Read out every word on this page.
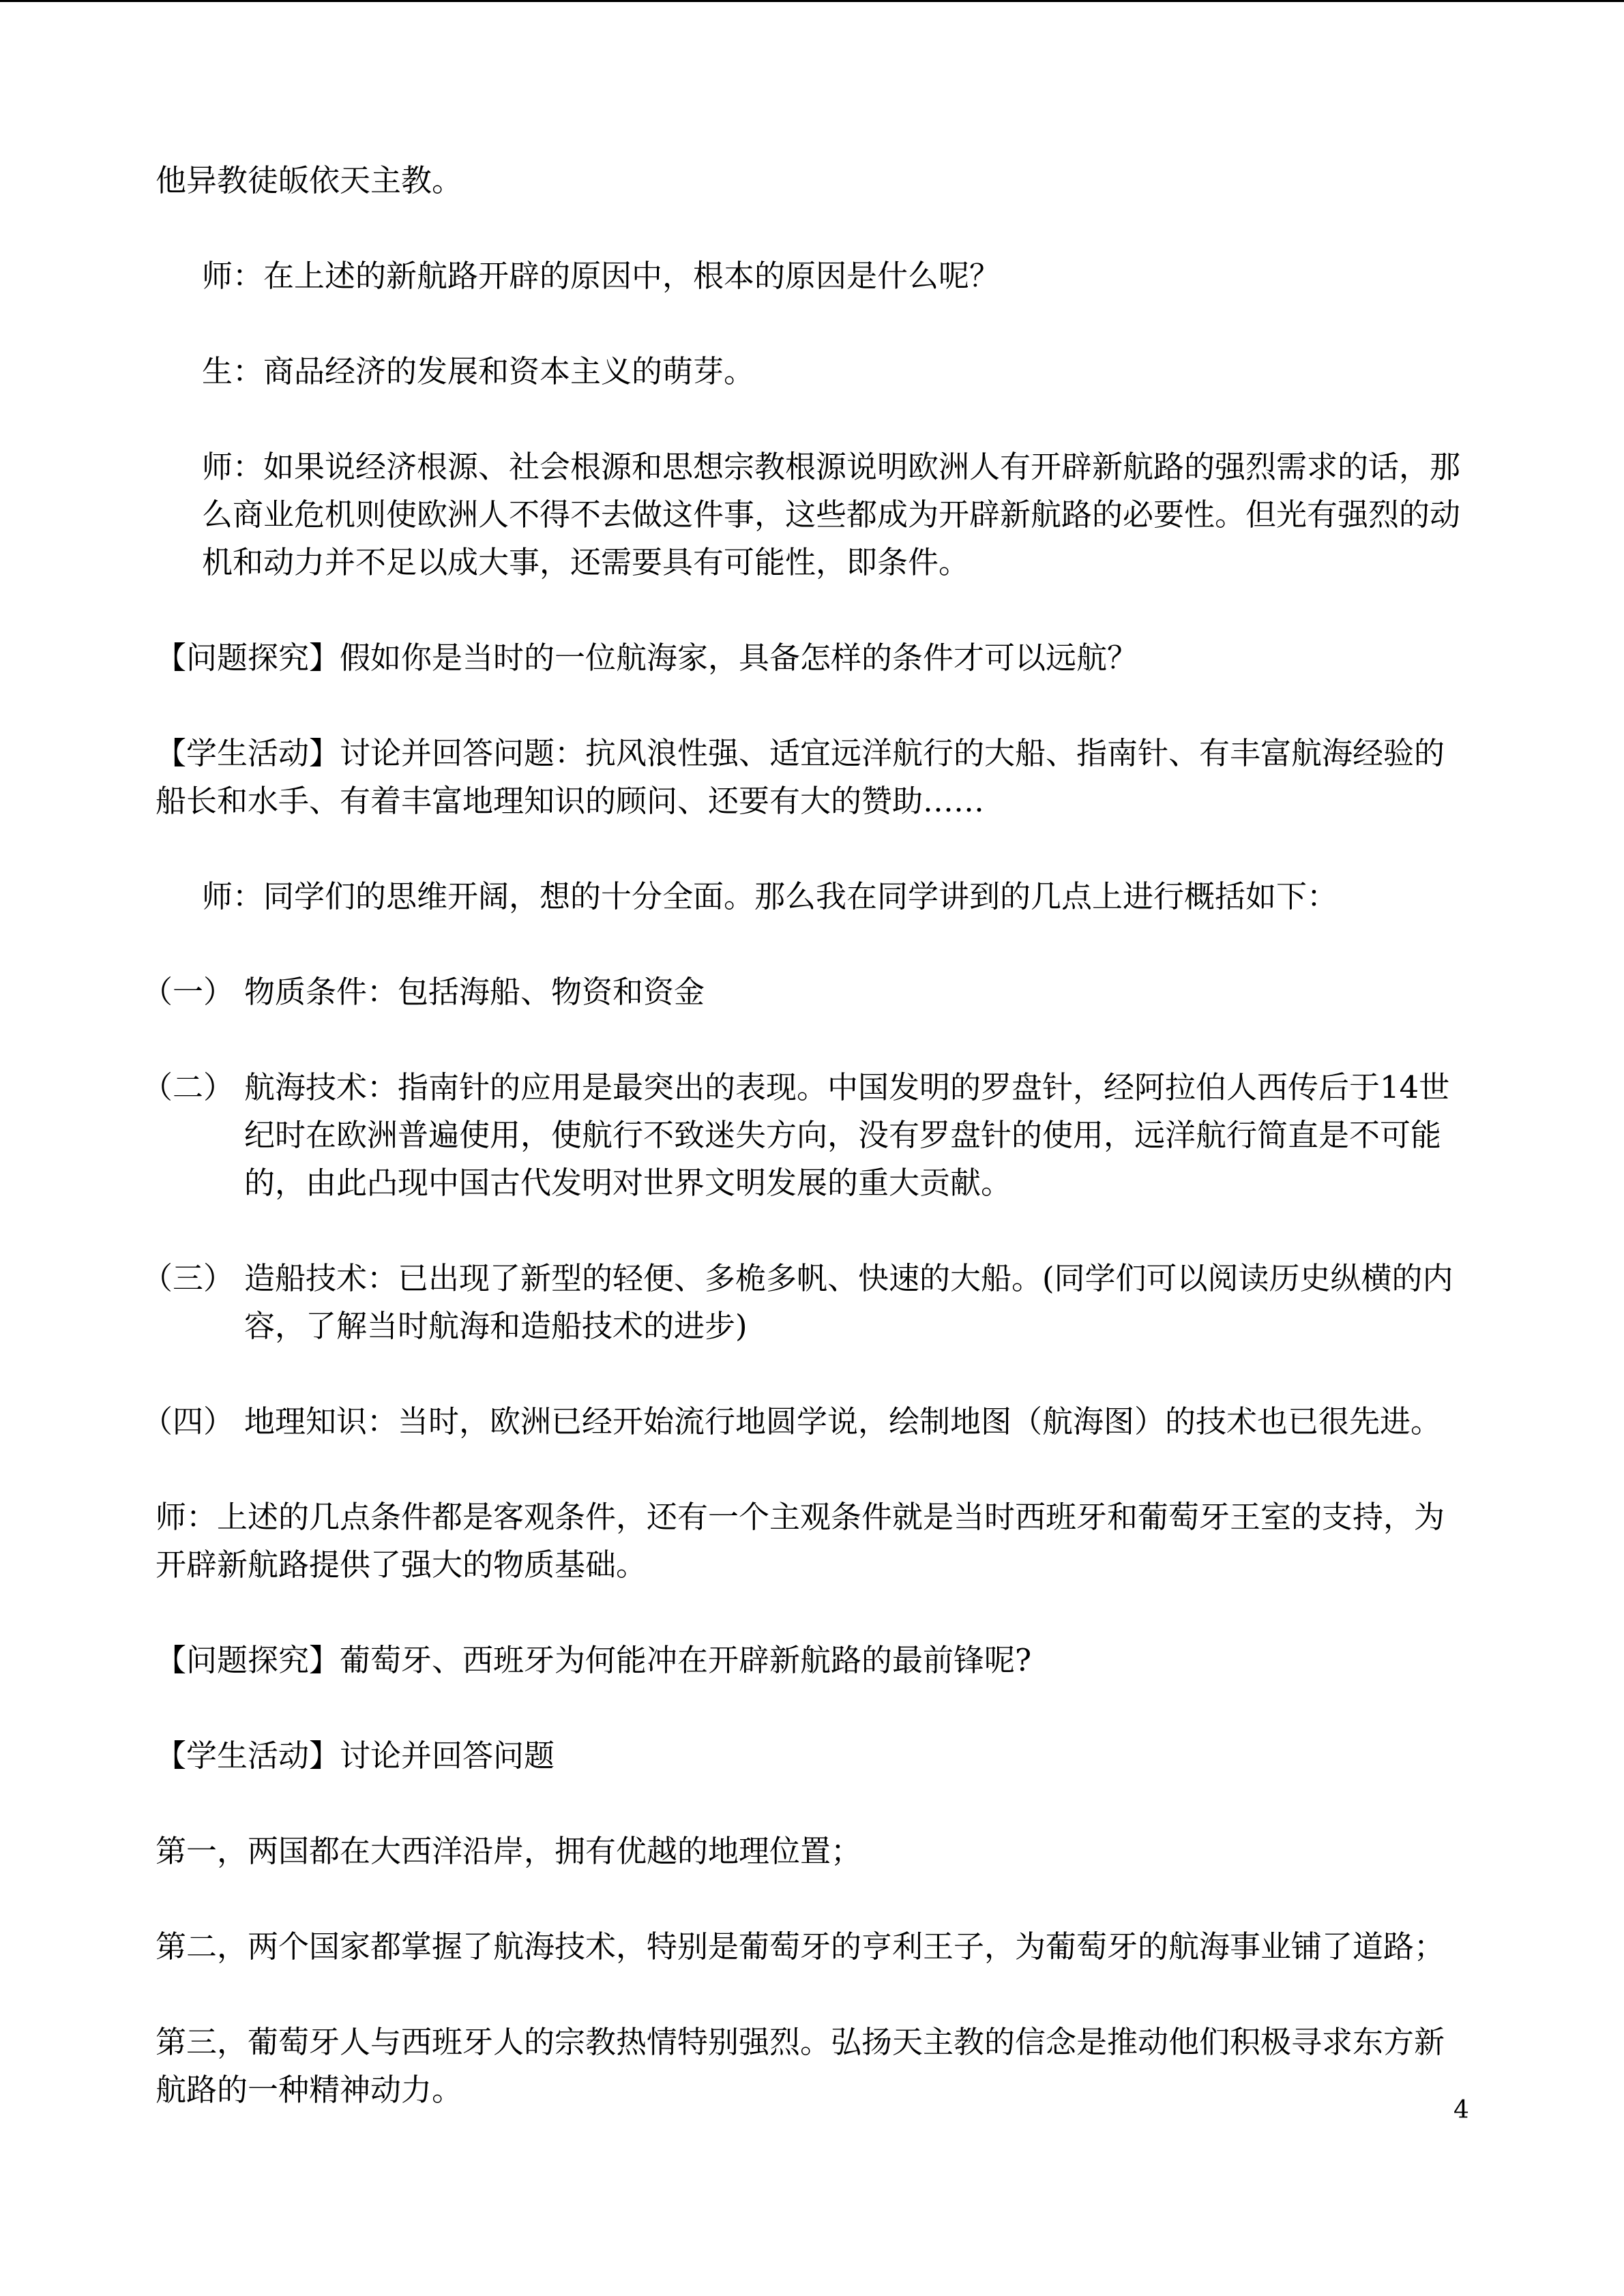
他异教徒皈依天主教。

师：在上述的新航路开辟的原因中，根本的原因是什么呢？

生：商品经济的发展和资本主义的萌芽。

师：如果说经济根源、社会根源和思想宗教根源说明欧洲人有开辟新航路的强烈需求的话，那么商业危机则使欧洲人不得不去做这件事，这些都成为开辟新航路的必要性。但光有强烈的动机和动力并不足以成大事，还需要具有可能性，即条件。

【问题探究】假如你是当时的一位航海家，具备怎样的条件才可以远航？

【学生活动】讨论并回答问题：抗风浪性强、适宜远洋航行的大船、指南针、有丰富航海经验的船长和水手、有着丰富地理知识的顾问、还要有大的赞助……

师：同学们的思维开阔，想的十分全面。那么我在同学讲到的几点上进行概括如下：

（一） 物质条件：包括海船、物资和资金
（二） 航海技术：指南针的应用是最突出的表现。中国发明的罗盘针，经阿拉伯人西传后于14世纪时在欧洲普遍使用，使航行不致迷失方向，没有罗盘针的使用，远洋航行简直是不可能的，由此凸现中国古代发明对世界文明发展的重大贡献。
（三） 造船技术：已出现了新型的轻便、多桅多帆、快速的大船。(同学们可以阅读历史纵横的内容，了解当时航海和造船技术的进步)
（四） 地理知识：当时，欧洲已经开始流行地圆学说，绘制地图（航海图）的技术也已很先进。

师：上述的几点条件都是客观条件，还有一个主观条件就是当时西班牙和葡萄牙王室的支持，为开辟新航路提供了强大的物质基础。

【问题探究】葡萄牙、西班牙为何能冲在开辟新航路的最前锋呢?

【学生活动】讨论并回答问题

第一，两国都在大西洋沿岸，拥有优越的地理位置；

第二，两个国家都掌握了航海技术，特别是葡萄牙的亨利王子，为葡萄牙的航海事业铺了道路；

第三，葡萄牙人与西班牙人的宗教热情特别强烈。弘扬天主教的信念是推动他们积极寻求东方新航路的一种精神动力。

4
